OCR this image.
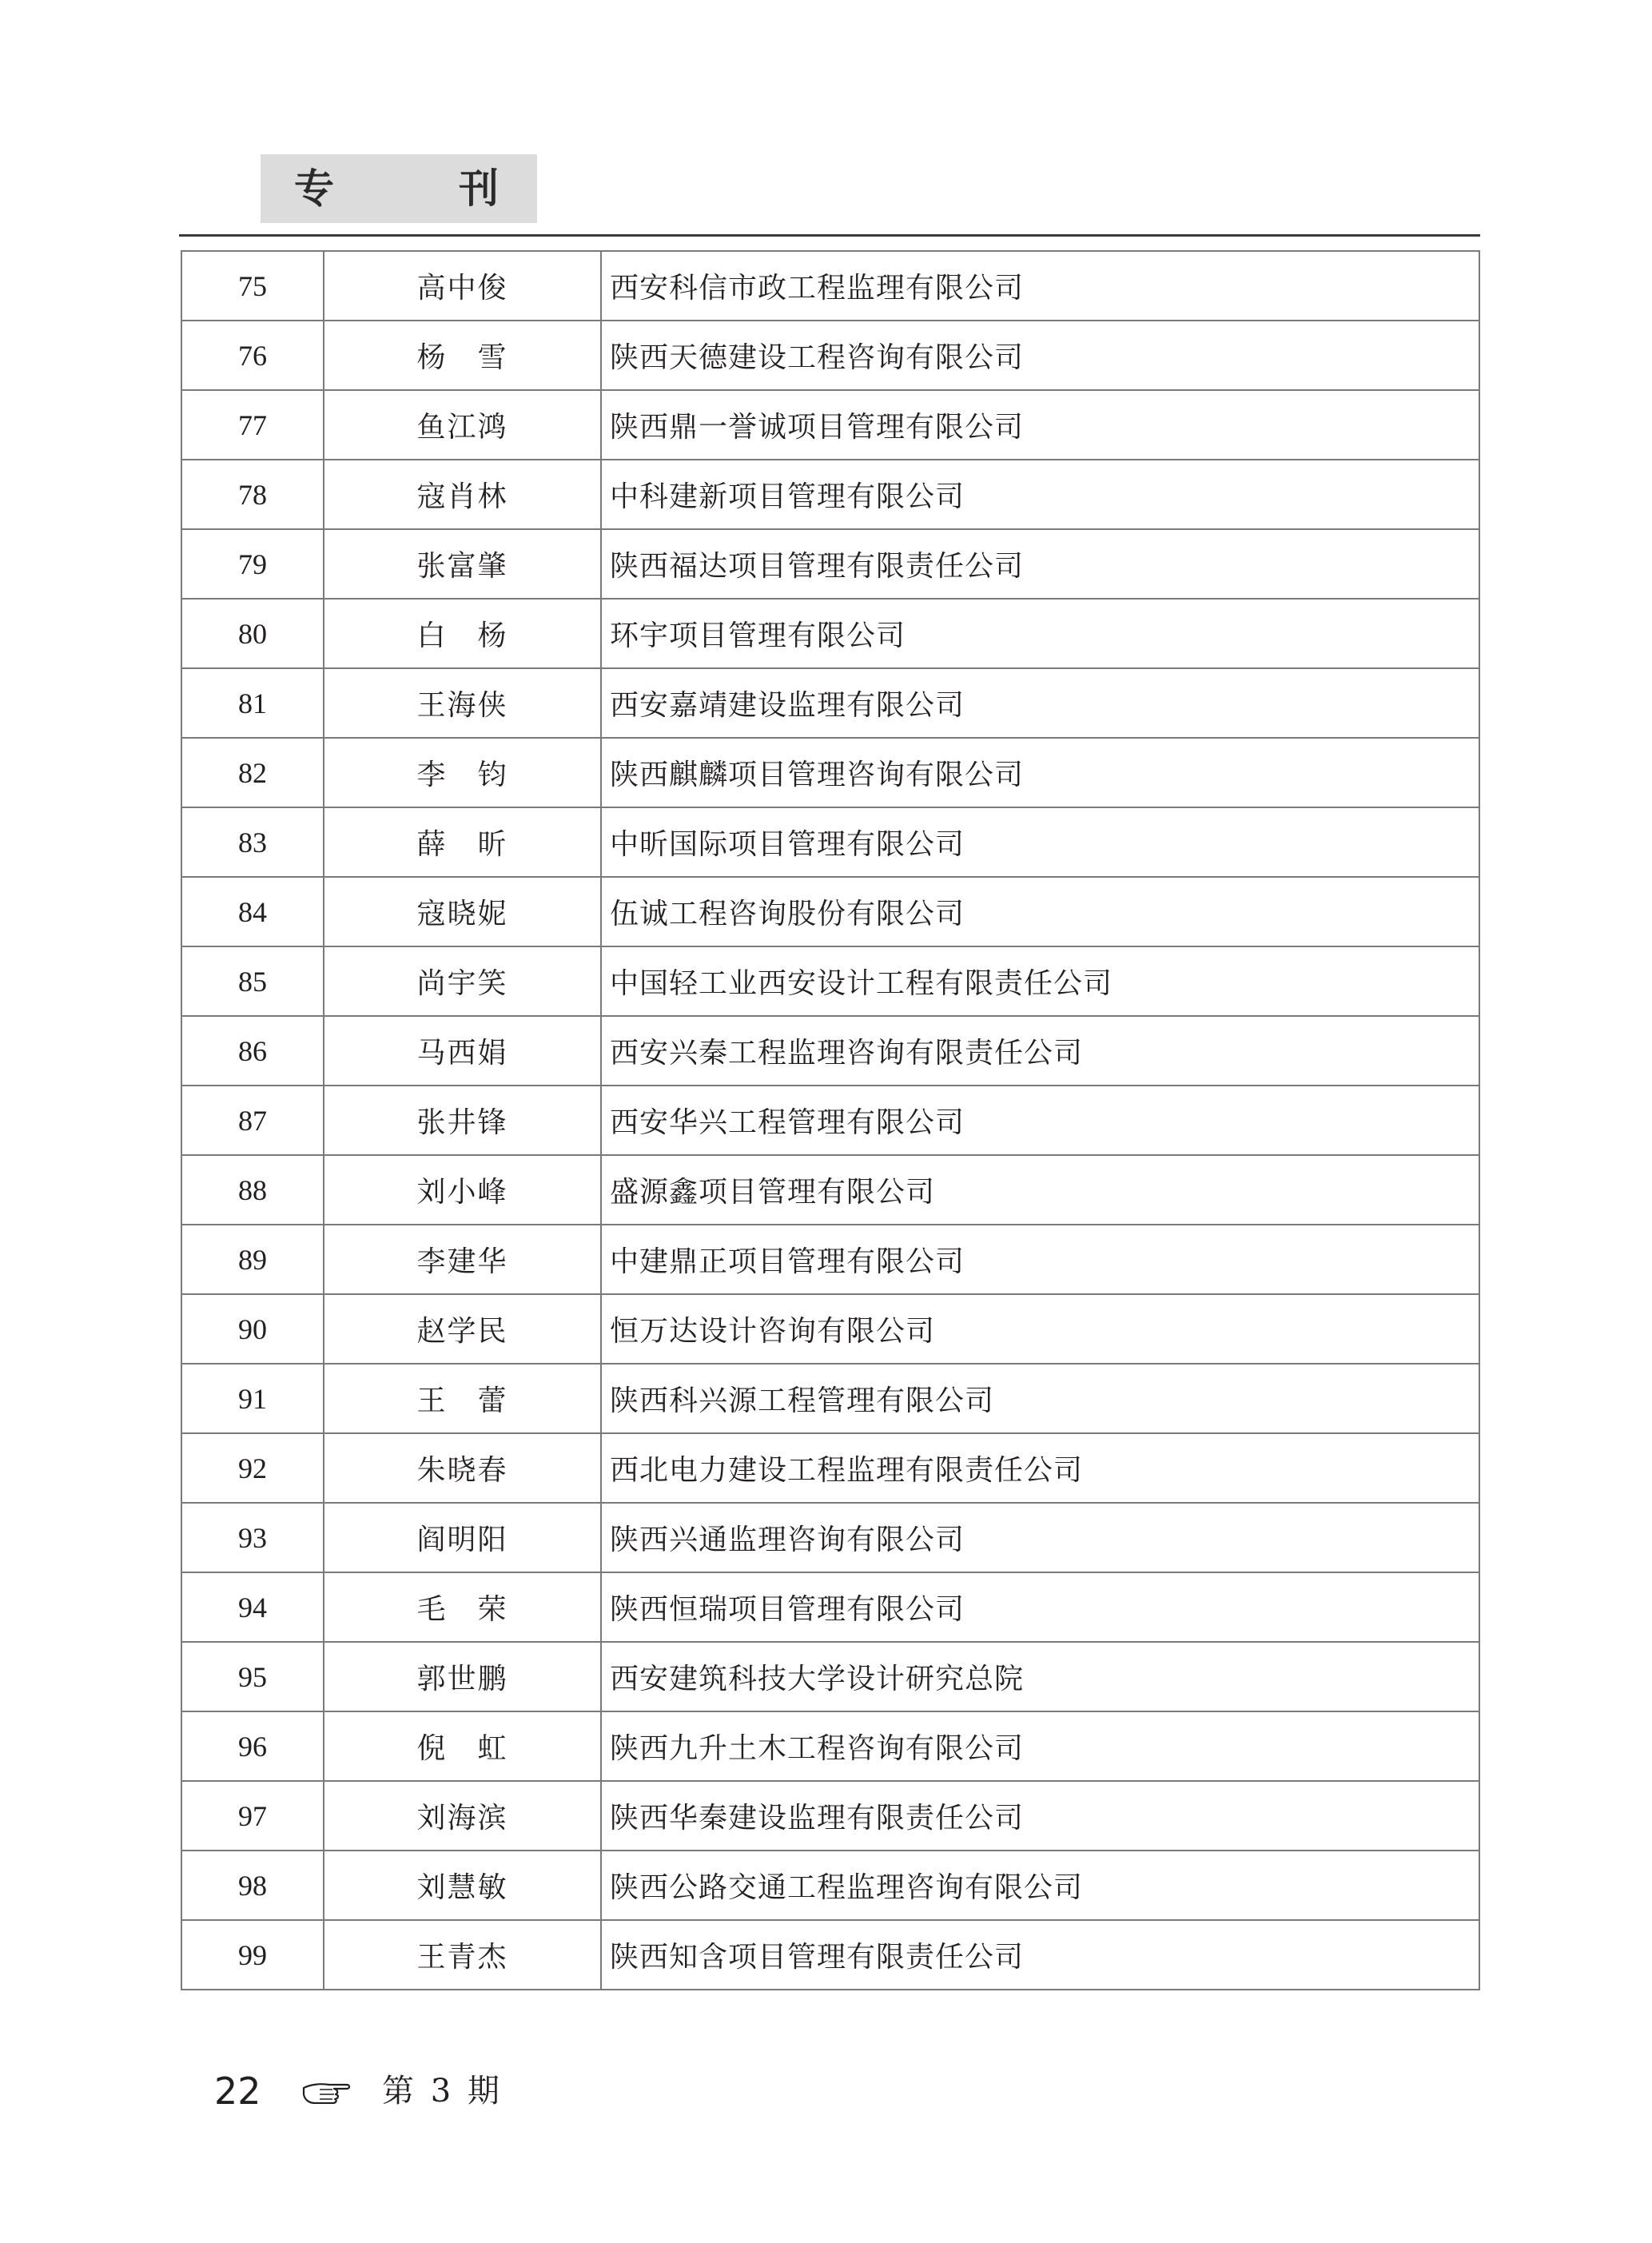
专	刊
75	高中俊	西安科信市政工程监理有限公司
76	杨　雪	陕西天德建设工程咨询有限公司
77	鱼江鸿	陕西鼎一誉诚项目管理有限公司
78	寇肖林	中科建新项目管理有限公司
79	张富肇	陕西福达项目管理有限责任公司
80	白　杨	环宇项目管理有限公司
81	王海侠	西安嘉靖建设监理有限公司
82	李　钧	陕西麒麟项目管理咨询有限公司
83	薛　昕	中昕国际项目管理有限公司
84	寇晓妮	伍诚工程咨询股份有限公司
85	尚宇笑	中国轻工业西安设计工程有限责任公司
86	马西娟	西安兴秦工程监理咨询有限责任公司
87	张井锋	西安华兴工程管理有限公司
88	刘小峰	盛源鑫项目管理有限公司
89	李建华	中建鼎正项目管理有限公司
90	赵学民	恒万达设计咨询有限公司
91	王　蕾	陕西科兴源工程管理有限公司
92	朱晓春	西北电力建设工程监理有限责任公司
93	阎明阳	陕西兴通监理咨询有限公司
94	毛　荣	陕西恒瑞项目管理有限公司
95	郭世鹏	西安建筑科技大学设计研究总院
96	倪　虹	陕西九升土木工程咨询有限公司
97	刘海滨	陕西华秦建设监理有限责任公司
98	刘慧敏	陕西公路交通工程监理咨询有限公司
99	王青杰	陕西知含项目管理有限责任公司
22	第 3 期
